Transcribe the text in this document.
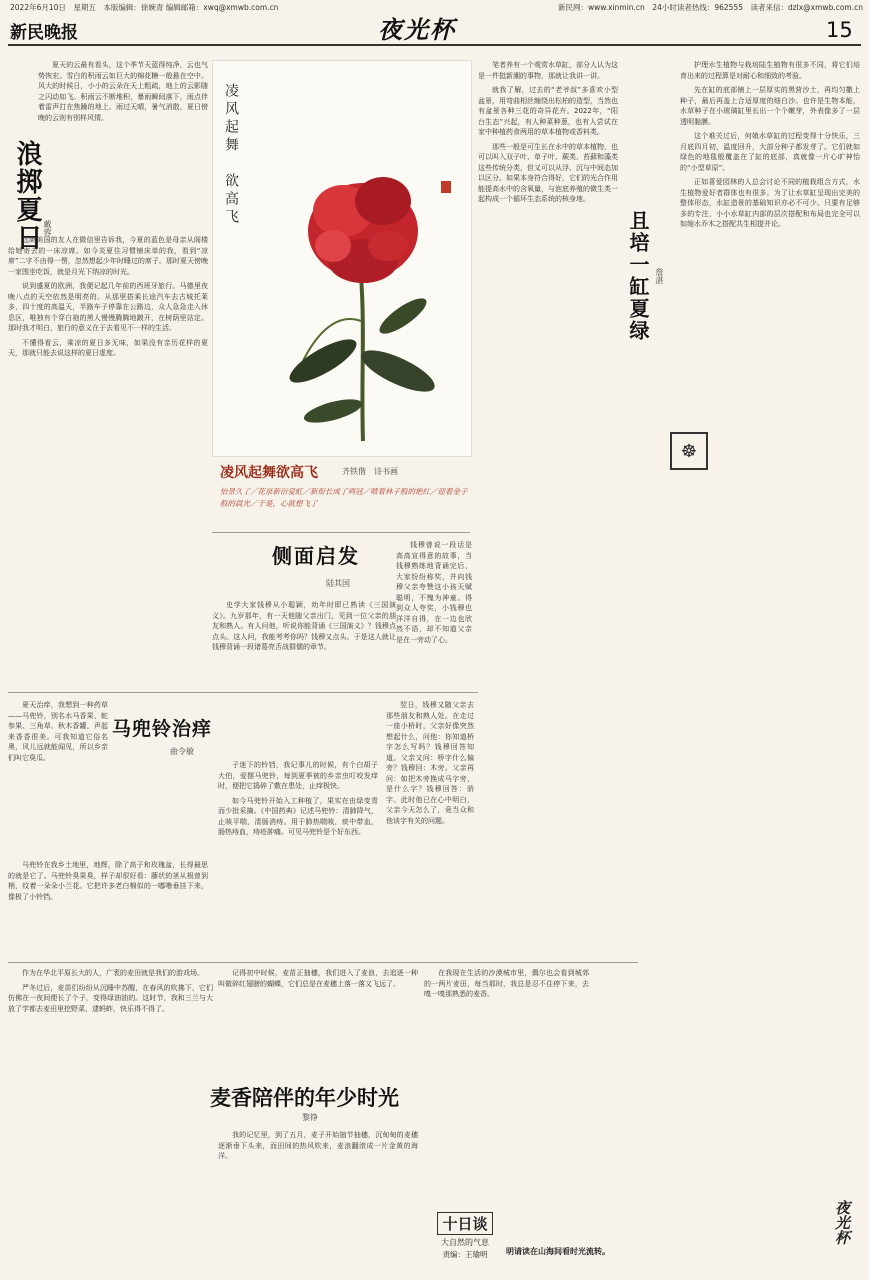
2022年6月10日　星期五　本版编辑：徐婉青 编辑邮箱：xwq@xmwb.com.cn	新民网：www.xinmin.cn　24小时读者热线：962555　读者来信：dzlx@xmwb.com.cn
新民晚报	夜光杯	15
浪掷夏日 戴蓉

夏天的云最有看头，这个季节天蓝得纯净，云也气势恢宏。雪白的积雨云如巨大的棉花糖一般悬在空中。风大的时候日，小小的云朵在天上粗疏，地上的云影随之闪动如飞。积雨云不断堆积，暴雨瞬间落下，雨点伴着雷声打在焦躁的地上。雨过天晴，暑气消散，夏日傍晚的云则有别样风情。

远眺美国的友人在微信里告诉我，今夏的蓝色是母亲从阁楼给她寄去的一床凉席。如今炎夏住习惯铺床单的我，看到“凉席”二字不由得一愣，忽然想起少年时睡过的席子。那时夏天傍晚一家围坐吃饭，就是月光下纳凉的时光。

说到盛夏的欧洲，我便记起几年前的西班牙旅行。马德里夜晚八点的天空依然是明亮的。从那里搭乘长途汽车去古城托莱多，四十度的高温天，半路车子停靠在公路边，众人急急走入休息区，唯独有个穿白袍的黑人慢慢腾腾地踱开，在树荫里站定。那时我才明白，旅行的意义在于去看见不一样的生活。

不懂得看云，乘凉的夏日多无味，如果没有亲历花样的夏天，那就只能去说这样的夏日虚度。

凌风起舞　欲高飞
凌风起舞欲高飞	齐铁偕　诗书画
怡景久了／花泉新衍爱虹／新衔长成了鸡冠／喷着林子般的艳红／迎着金子般的晨光／于是，心就想飞了
侧面启发
陆其国

钱穆曾说一段话是高高宣得意的故事，当钱穆熟练地背诵完后，大家纷纷称奖，并向钱穆父亲夸赞这小孩天赋聪明，不愧为神童。得到众人夸奖，小钱穆也洋洋自得，在一边也欣然不语，却不知道父亲是在一旁动了心。

史学大家钱穆从小聪颖，幼年时即已熟读《三国演义》。九岁那年，有一天他随父亲出门，见到一位父亲的朋友和熟人。有人问他，听说你能背诵《三国演义》？钱穆点点头。这人问，我能考考你吗？钱穆又点头。于是这人就让钱穆背诵一段诸葛亮舌战群儒的章节。

翌日，钱穆又随父亲去那些朋友和熟人处。在走过一座小桥时，父亲好像突然想起什么，问他：你知道桥字怎么写吗？钱穆回答知道。父亲又问：桥字什么偏旁？钱穆回：木旁。父亲再问：如把木旁换成马字旁，是什么字？钱穆回答：骄字。此时他已在心中明白，父亲今天怎么了，竟当众和他谈字有关的问题。

笔者养有一个观赏水草缸，部分人认为这是一件挺新潮的事物，那就让我讲一讲。

就我了解，过去的“老爷叔”多喜欢小型盆景，用弯曲相丝缠绕出松柏的造型，当然也有盆景各种三花的奇异花卉。2022年，“阳台生态”兴起，有人种菜种葱，也有人尝试在家中种植药食两用的草本植物或香料类。

那些一般是可生长在水中的草本植物，也可以叫入双子叶、单子叶、蕨类、苔藓和藻类这些传统分类，但又可以从浮、沉与中间态加以区分。如果本身符合得好，它们的光合作用能提高水中的含氧量，与泡底养殖的微生类一起构成一个循环生态系统的核身地。

且培一缸夏绿 詹湛

护理水生植物与栽培陆生植物有很多不同，将它们培育出来的过程算是对耐心和细致的考验。

先在缸的底部铺上一层厚实的黑营沙土，再均匀撒上种子，最后再盖上合适厚度的细白沙。也许是生物本能，水草种子在小玻璃缸里长出一个个嫩芽，外表像多了一层透明黏膜。

这个难关过后，何娘水草缸的过程变得十分快乐，三月底四月初，温度回升，大部分种子都发芽了。它们就如绿色的地毯般覆盖在了缸的底部，真就像一片心旷神怡的“小型草原”。

正如喜爱园林的人总会讨论不同的植栽组合方式，水生植物爱好者群体也有很多。为了让水草缸呈现出完美的整体形态，水缸造景的基础知识亦必不可少。只要有足够多的专注，小小水草缸内部的层次搭配和布局也完全可以如缩水乔木之搭配共生相提并论。

☸
马兜铃治痒
曲令敏

夏天治痒，我想到一种药草——马兜铃，别名水马香果、蛇参果、三角草、秋木香罐，声起来香香很美。可我知道它俗名奥，风儿远就能闻见，所以乡亲们叫它臭瓜。

马兜铃在我乡土地里，地辉，除了高子和玫瑰盆，长得最思的就是它了。马兜铃臭果臭，样子却很好看：藤状的茎从根曾到梢，纹着一朵朵小兰花。它把许多老白棉似的一嘟噜垂挂下来，像极了小铃铛。

子迷下的铃铛，我记事儿的时候，有个白胡子大伯，爱摆马兜铃，每到夏季被的乡亲虫叮咬发痒时，便把它捣碎了敷在患处，止痒极快。

如今马兜铃开始入工种植了，果实在由绿变青而少批采摘。《中国药典》记述马兜铃：清肺降气，止咳平喘，清肠消痔。用于肺热喘咳，痰中带血，肠热痔血，痔疮肿痛。可见马兜铃是个好东西。

作为在华北平原长大的人，广袤的麦田就是我们的游戏场。

严冬过后，麦苗们纷纷从沉睡中苏醒，在春风的吹拂下，它们仿佛在一夜间便长了个子，变得绿油油的。这时节，我和三兰与大放了学都去麦田里挖野菜、逮蚂蚱，快乐得不得了。

麦香陪伴的年少时光
黎铮

记得初中时候，麦苗正抽穗，我们进入了麦浪，去追逐一种叫做碎红翅膀的蝴蝶，它们总是在麦穗上落一落又飞远了。

我的记忆里，到了五月，麦子开始抽节抽穗，沉甸甸的麦穗逐渐垂下头来，而田间的热风吹来，麦浪翻滚成一片金黄的海洋。

在我现在生活的沙漠城市里，偶尔也会看到城郊的一两片麦田，每当那时，我总是忍不住停下来，去嗅一嗅那熟悉的麦香。

十日谈
大自然的气息
责编：王瑜明	明请读在山海间看时光流转。
夜光杯
